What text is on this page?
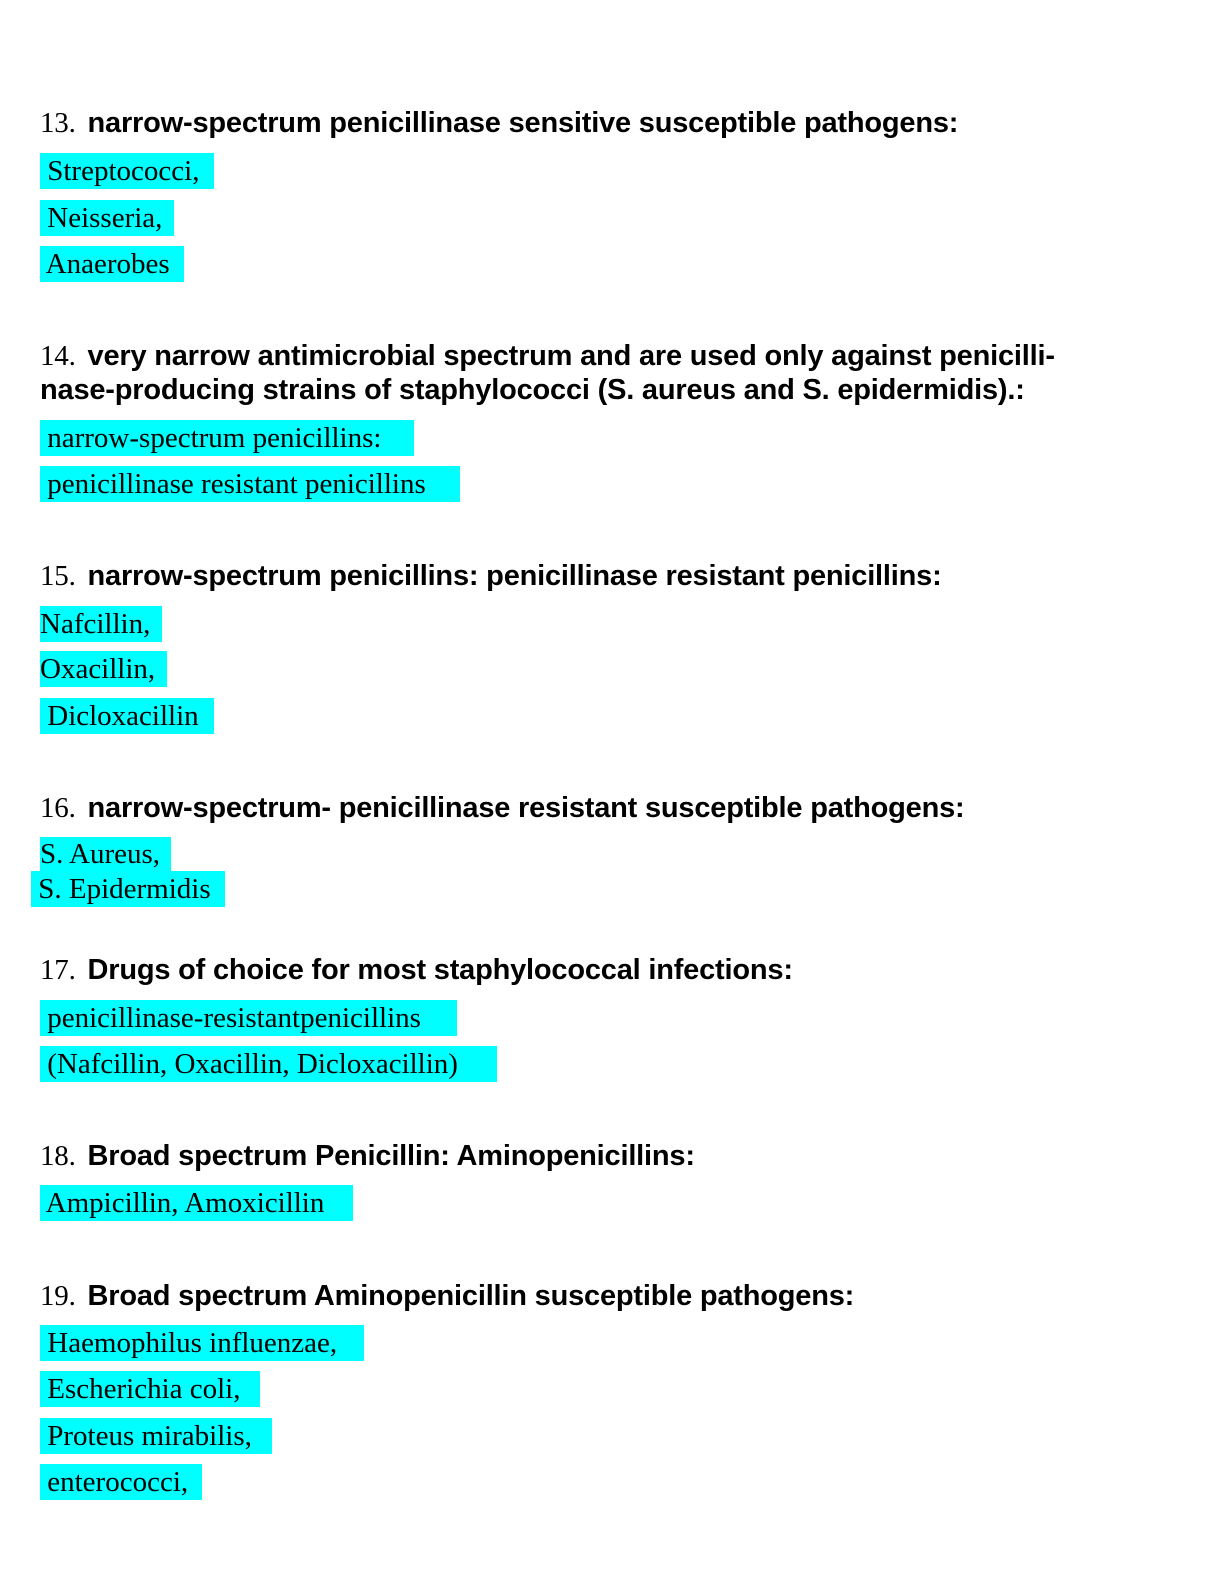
13. narrow-spectrum penicillinase sensitive susceptible pathogens:
Streptococci,
Neisseria,
Anaerobes
14. very narrow antimicrobial spectrum and are used only against penicilli-
nase-producing strains of staphylococci (S. aureus and S. epidermidis).:
narrow-spectrum penicillins:
penicillinase resistant penicillins
15. narrow-spectrum penicillins: penicillinase resistant penicillins:
Nafcillin,
Oxacillin,
Dicloxacillin
16. narrow-spectrum- penicillinase resistant susceptible pathogens:
S. Aureus,
S. Epidermidis
17. Drugs of choice for most staphylococcal infections:
penicillinase-resistantpenicillins
(Nafcillin, Oxacillin, Dicloxacillin)
18. Broad spectrum Penicillin: Aminopenicillins:
Ampicillin, Amoxicillin
19. Broad spectrum Aminopenicillin susceptible pathogens:
Haemophilus influenzae,
Escherichia coli,
Proteus mirabilis,
enterococci,
